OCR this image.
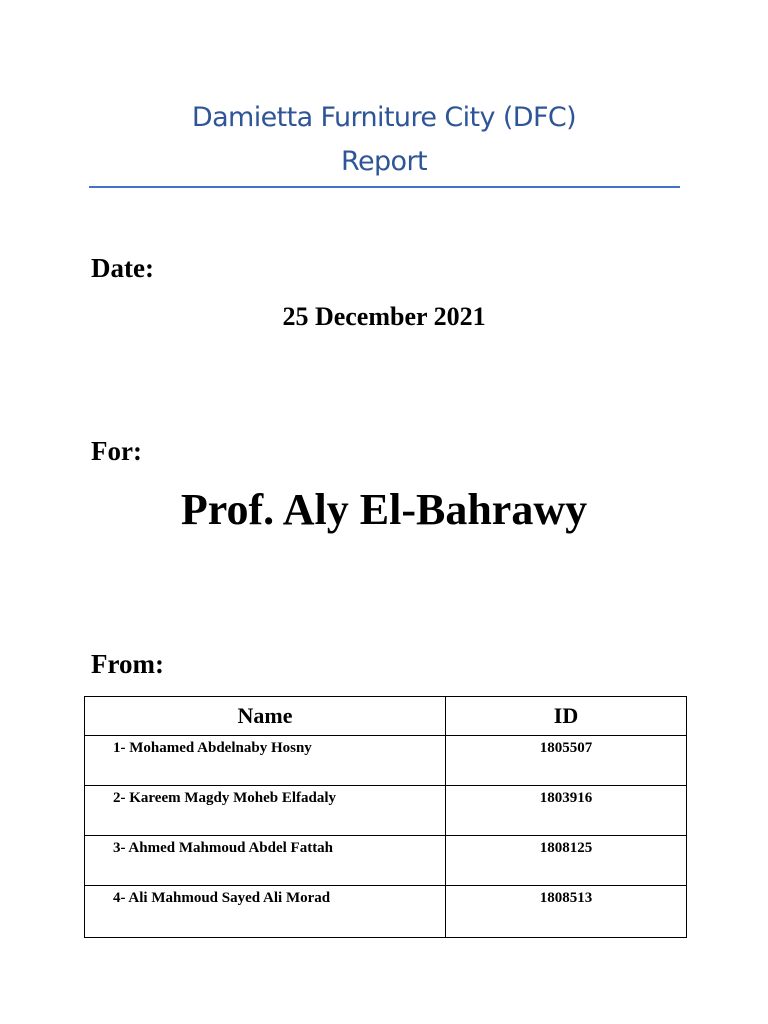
Damietta Furniture City (DFC)
Report
Date:
25 December 2021
For:
Prof. Aly El-Bahrawy
From:
Name	ID
1- Mohamed Abdelnaby Hosny	1805507
2- Kareem Magdy Moheb Elfadaly	1803916
3- Ahmed Mahmoud Abdel Fattah	1808125
4- Ali Mahmoud Sayed Ali Morad	1808513
